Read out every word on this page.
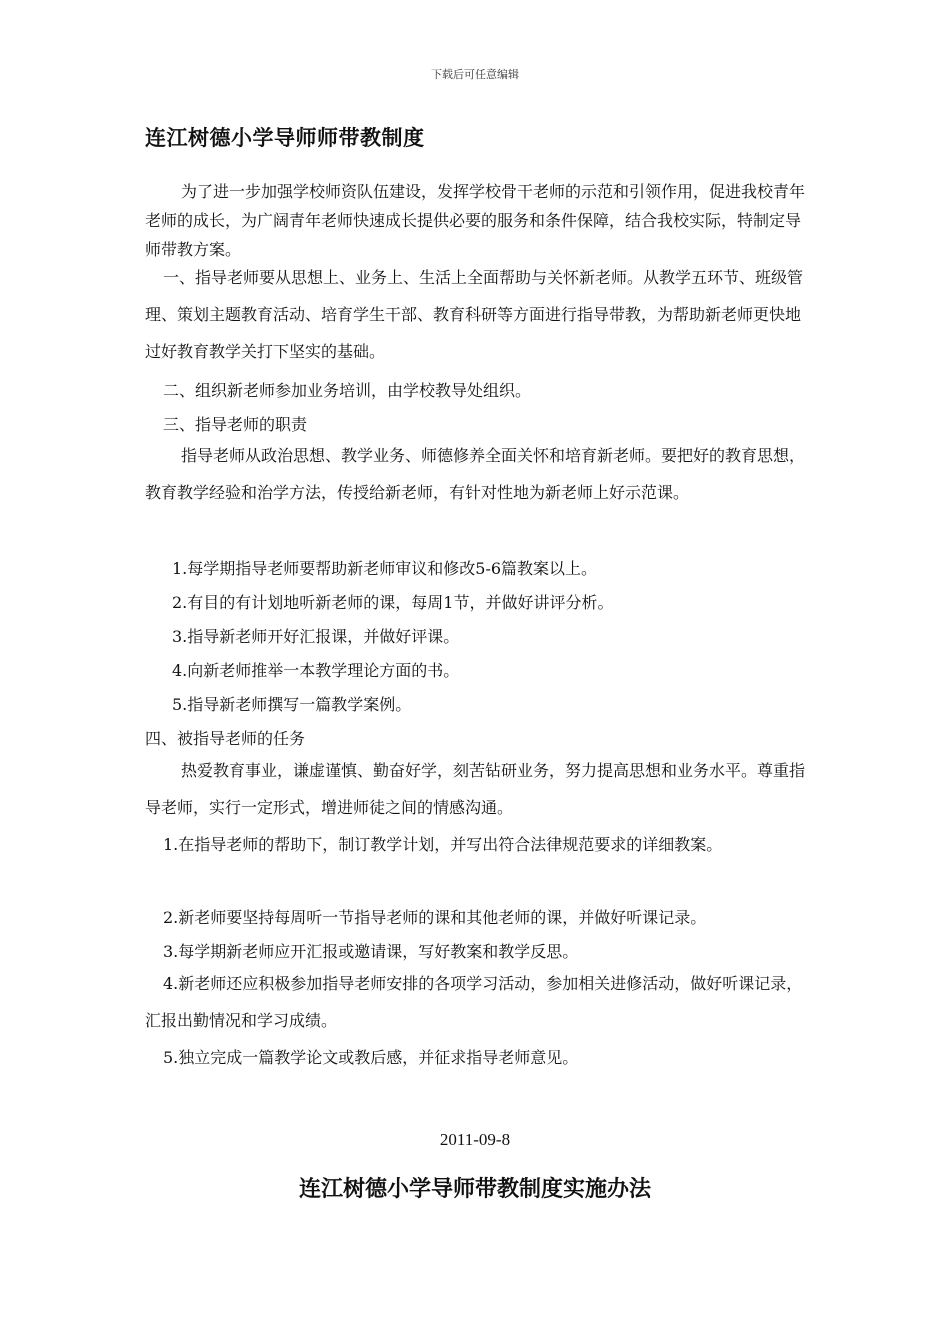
下载后可任意编辑
连江树德小学导师师带教制度

为了进一步加强学校师资队伍建设，发挥学校骨干老师的示范和引领作用，促进我校青年老师的成长，为广阔青年老师快速成长提供必要的服务和条件保障，结合我校实际，特制定导师带教方案。

一、指导老师要从思想上、业务上、生活上全面帮助与关怀新老师。从教学五环节、班级管理、策划主题教育活动、培育学生干部、教育科研等方面进行指导带教，为帮助新老师更快地过好教育教学关打下坚实的基础。

二、组织新老师参加业务培训，由学校教导处组织。

三、指导老师的职责

指导老师从政治思想、教学业务、师德修养全面关怀和培育新老师。要把好的教育思想，教育教学经验和治学方法，传授给新老师，有针对性地为新老师上好示范课。

1.每学期指导老师要帮助新老师审议和修改5-6篇教案以上。

2.有目的有计划地听新老师的课，每周1节，并做好讲评分析。

3.指导新老师开好汇报课，并做好评课。

4.向新老师推举一本教学理论方面的书。

5.指导新老师撰写一篇教学案例。

四、被指导老师的任务

热爱教育事业，谦虚谨慎、勤奋好学，刻苦钻研业务，努力提高思想和业务水平。尊重指导老师，实行一定形式，增进师徒之间的情感沟通。

1.在指导老师的帮助下，制订教学计划，并写出符合法律规范要求的详细教案。

2.新老师要坚持每周听一节指导老师的课和其他老师的课，并做好听课记录。

3.每学期新老师应开汇报或邀请课，写好教案和教学反思。

4.新老师还应积极参加指导老师安排的各项学习活动，参加相关进修活动，做好听课记录，汇报出勤情况和学习成绩。

5.独立完成一篇教学论文或教后感，并征求指导老师意见。

2011-09-8
连江树德小学导师带教制度实施办法
